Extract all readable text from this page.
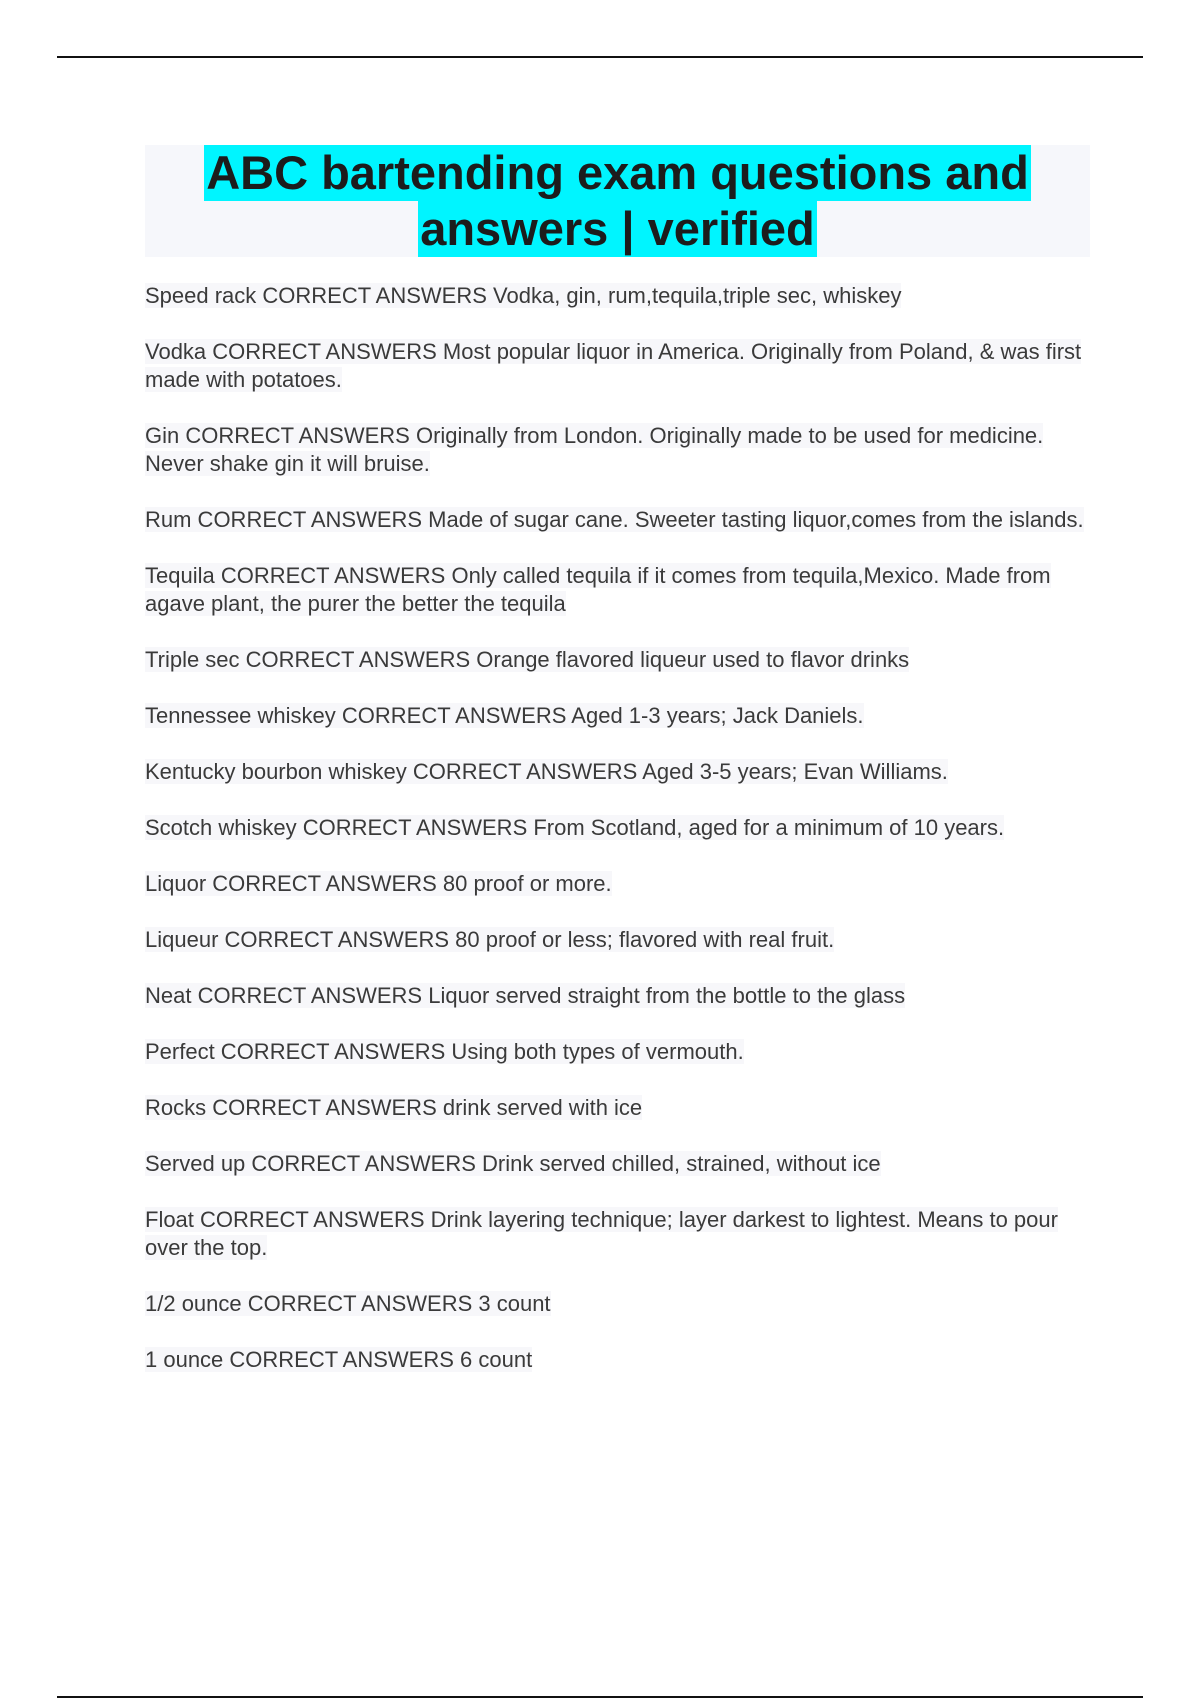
ABC bartending exam questions and
answers | verified

Speed rack CORRECT ANSWERS Vodka, gin, rum,tequila,triple sec, whiskey

Vodka CORRECT ANSWERS Most popular liquor in America. Originally from Poland, & was first made with potatoes.

Gin CORRECT ANSWERS Originally from London. Originally made to be used for medicine. Never shake gin it will bruise.

Rum CORRECT ANSWERS Made of sugar cane. Sweeter tasting liquor,comes from the islands.

Tequila CORRECT ANSWERS Only called tequila if it comes from tequila,Mexico. Made from agave plant, the purer the better the tequila

Triple sec CORRECT ANSWERS Orange flavored liqueur used to flavor drinks

Tennessee whiskey CORRECT ANSWERS Aged 1-3 years; Jack Daniels.

Kentucky bourbon whiskey CORRECT ANSWERS Aged 3-5 years; Evan Williams.

Scotch whiskey CORRECT ANSWERS From Scotland, aged for a minimum of 10 years.

Liquor CORRECT ANSWERS 80 proof or more.

Liqueur CORRECT ANSWERS 80 proof or less; flavored with real fruit.

Neat CORRECT ANSWERS Liquor served straight from the bottle to the glass

Perfect CORRECT ANSWERS Using both types of vermouth.

Rocks CORRECT ANSWERS drink served with ice

Served up CORRECT ANSWERS Drink served chilled, strained, without ice

Float CORRECT ANSWERS Drink layering technique; layer darkest to lightest. Means to pour over the top.

1/2 ounce CORRECT ANSWERS 3 count

1 ounce CORRECT ANSWERS 6 count
